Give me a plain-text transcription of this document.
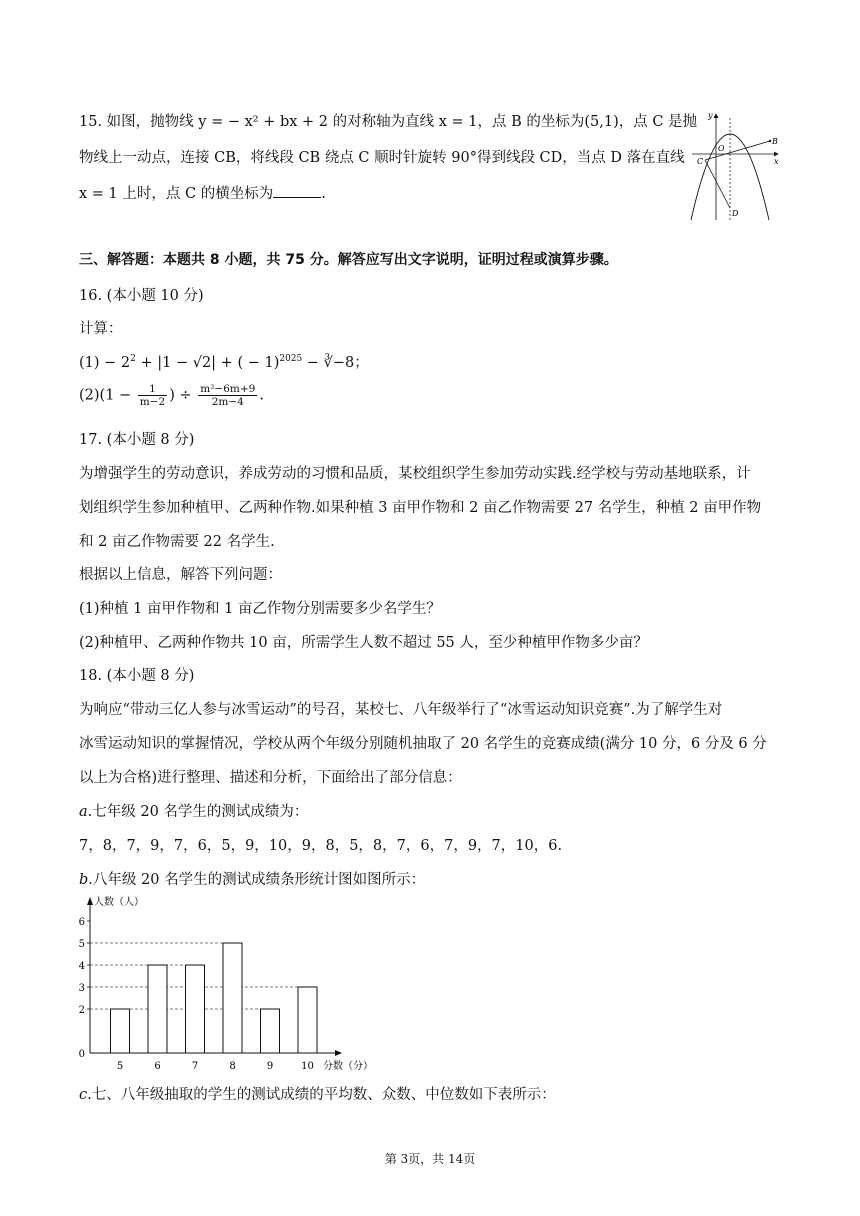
15. 如图，抛物线 y = − x² + bx + 2 的对称轴为直线 x = 1，点 B 的坐标为(5,1)，点 C 是抛
物线上一动点，连接 CB，将线段 CB 绕点 C 顺时针旋转 90°得到线段 CD，当点 D 落在直线
x = 1 上时，点 C 的横坐标为	.
y
x
O
B
C
D
三、解答题：本题共 8 小题，共 75 分。解答应写出文字说明，证明过程或演算步骤。
16. (本小题 10 分)
计算：
$(1) - 2^2 + |1 - √2|$ + ( − 1)$^{2025}$ − ∛−8；
$(2)(1 - \frac{1}{m-2}$ ) ÷ $\frac{\text{m²−6m+9}}{2m-4}$ .
17. (本小题 8 分)
为增强学生的劳动意识，养成劳动的习惯和品质，某校组织学生参加劳动实践.经学校与劳动基地联系，计
划组织学生参加种植甲、乙两种作物.如果种植 3 亩甲作物和 2 亩乙作物需要 27 名学生，种植 2 亩甲作物
和 2 亩乙作物需要 22 名学生.
根据以上信息，解答下列问题：
(1)种植 1 亩甲作物和 1 亩乙作物分别需要多少名学生？
(2)种植甲、乙两种作物共 10 亩，所需学生人数不超过 55 人，至少种植甲作物多少亩？
18. (本小题 8 分)
为响应“带动三亿人参与冰雪运动”的号召，某校七、八年级举行了“冰雪运动知识竞赛”.为了解学生对
冰雪运动知识的掌握情况，学校从两个年级分别随机抽取了 20 名学生的竞赛成绩(满分 10 分，6 分及 6 分
以上为合格)进行整理、描述和分析，下面给出了部分信息：
a.七年级 20 名学生的测试成绩为：
7，8，7，9，7，6，5，9，10，9，8，5，8，7，6，7，9，7，10，6.
b.八年级 20 名学生的测试成绩条形统计图如图所示：
0
2
3
4
5
6
5	6	7	8	9	10
人数（人）
分数（分）
c.七、八年级抽取的学生的测试成绩的平均数、众数、中位数如下表所示：
第 3页，共 14页
